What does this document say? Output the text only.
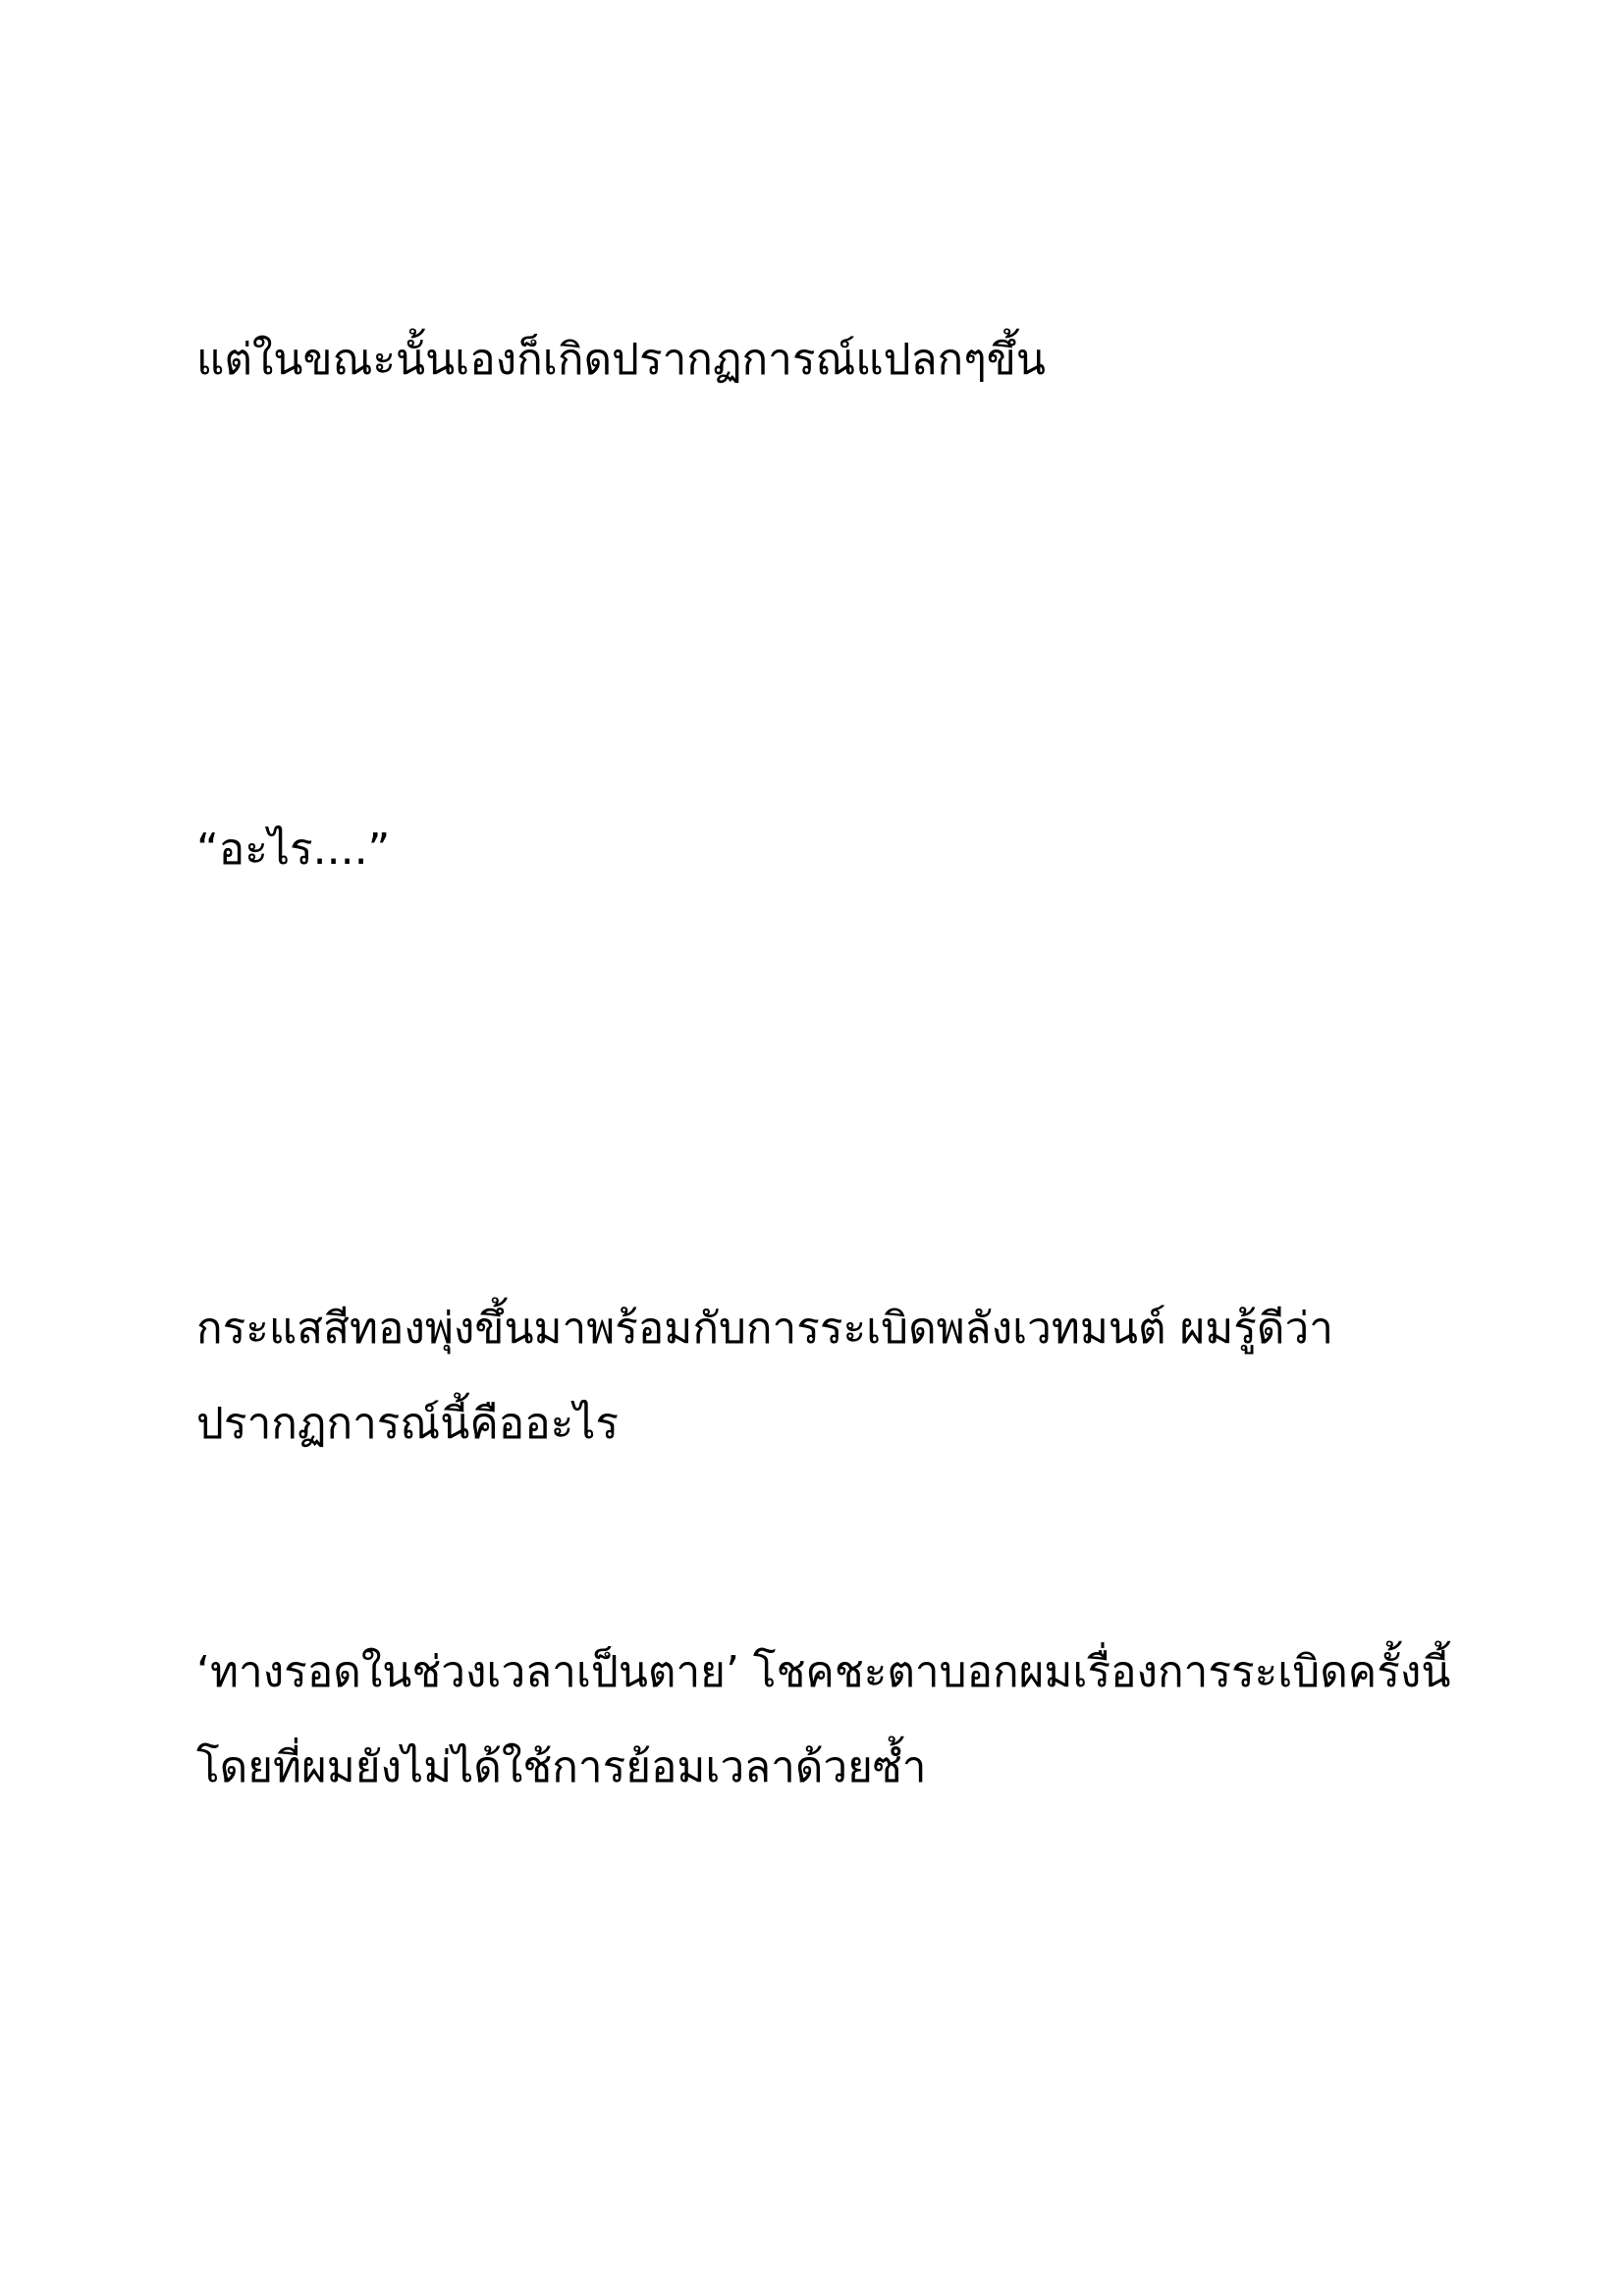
แต่ในขณะนั้นเองก็เกิดปรากฏการณ์แปลกๆขึ้น

“อะไร....”

กระแสสีทองพุ่งขึ้นมาพร้อมกับการระเบิดพลังเวทมนต์ ผมรู้ดีว่า
ปรากฏการณ์นี้คืออะไร

‘ทางรอดในช่วงเวลาเป็นตาย’ โชคชะตาบอกผมเรื่องการระเบิดครั้งนี้
โดยที่ผมยังไม่ได้ใช้การย้อมเวลาด้วยซ้ำ
